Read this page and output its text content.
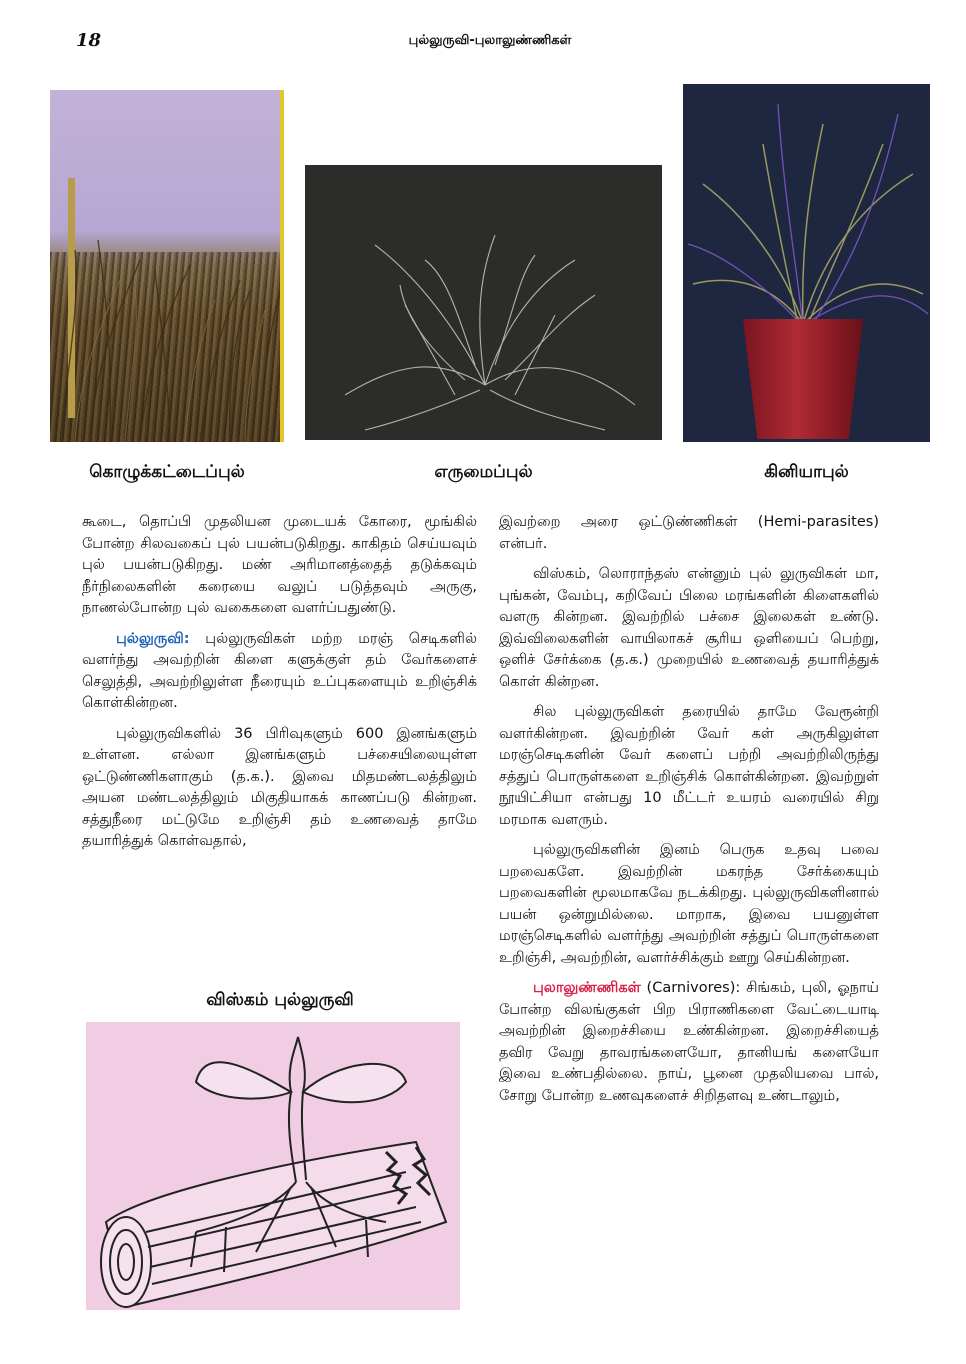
18	புல்லுருவி-புலாலுண்ணிகள்
கொழுக்கட்டைப்புல்	எருமைப்புல்	கினியாபுல்

கூடை, தொப்பி முதலியன முடையக் கோரை, மூங்கில் போன்ற சிலவகைப் புல் பயன்படுகிறது. காகிதம் செய்யவும் புல் பயன்படுகிறது. மண் அரிமானத்தைத் தடுக்கவும் நீர்நிலைகளின் கரையை வலுப் படுத்தவும் அருகு, நாணல்போன்ற புல் வகைகளை வளர்ப்பதுண்டு.

புல்லுருவி: புல்லுருவிகள் மற்ற மரஞ் செடிகளில் வளர்ந்து அவற்றின் கிளை களுக்குள் தம் வேர்களைச் செலுத்தி, அவற்றிலுள்ள நீரையும் உப்புகளையும் உறிஞ்சிக் கொள்கின்றன.

புல்லுருவிகளில் 36 பிரிவுகளும் 600 இனங்களும் உள்ளன. எல்லா இனங்களும் பச்சையிலையுள்ள ஒட்டுண்ணிகளாகும் (த.க.). இவை மிதமண்டலத்திலும் அயன மண்டலத்திலும் மிகுதியாகக் காணப்படு கின்றன. சத்துநீரை மட்டுமே உறிஞ்சி தம் உணவைத் தாமே தயாரித்துக் கொள்வதால்,

விஸ்கம் புல்லுருவி

இவற்றை அரை ஒட்டுண்ணிகள் (Hemi-parasites) என்பர்.

விஸ்கம், லொராந்தஸ் என்னும் புல் லுருவிகள் மா, புங்கன், வேம்பு, கறிவேப் பிலை மரங்களின் கிளைகளில் வளரு கின்றன. இவற்றில் பச்சை இலைகள் உண்டு. இவ்விலைகளின் வாயிலாகச் சூரிய ஒளியைப் பெற்று, ஒளிச் சேர்க்கை (த.க.) முறையில் உணவைத் தயாரித்துக் கொள் கின்றன.

சில புல்லுருவிகள் தரையில் தாமே வேரூன்றி வளர்கின்றன. இவற்றின் வேர் கள் அருகிலுள்ள மரஞ்செடிகளின் வேர் களைப் பற்றி அவற்றிலிருந்து சத்துப் பொருள்களை உறிஞ்சிக் கொள்கின்றன. இவற்றுள் நூயிட்சியா என்பது 10 மீட்டர் உயரம் வரையில் சிறு மரமாக வளரும்.

புல்லுருவிகளின் இனம் பெருக உதவு பவை பறவைகளே. இவற்றின் மகரந்த சேர்க்கையும் பறவைகளின் மூலமாகவே நடக்கிறது. புல்லுருவிகளினால் பயன் ஒன்றுமில்லை. மாறாக, இவை பயனுள்ள மரஞ்செடிகளில் வளர்ந்து அவற்றின் சத்துப் பொருள்களை உறிஞ்சி, அவற்றின், வளர்ச்சிக்கும் ஊறு செய்கின்றன.

புலாலுண்ணிகள் (Carnivores): சிங்கம், புலி, ஓநாய் போன்ற விலங்குகள் பிற பிராணிகளை வேட்டையாடி அவற்றின் இறைச்சியை உண்கின்றன. இறைச்சியைத் தவிர வேறு தாவரங்களையோ, தானியங் களையோ இவை உண்பதில்லை. நாய், பூனை முதலியவை பால், சோறு போன்ற உணவுகளைச் சிறிதளவு உண்டாலும்,
